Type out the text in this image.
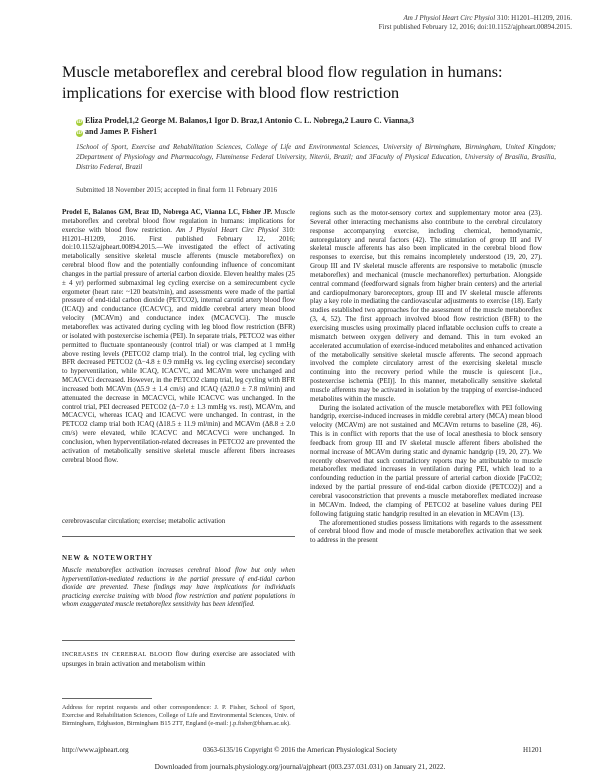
Am J Physiol Heart Circ Physiol 310: H1201–H1209, 2016.
First published February 12, 2016; doi:10.1152/ajpheart.00894.2015.
Muscle metaboreflex and cerebral blood flow regulation in humans: implications for exercise with blood flow restriction
iD Eliza Prodel,1,2 George M. Balanos,1 Igor D. Braz,1 Antonio C. L. Nobrega,2 Lauro C. Vianna,3
iD and James P. Fisher1
1School of Sport, Exercise and Rehabilitation Sciences, College of Life and Environmental Sciences, University of Birmingham, Birmingham, United Kingdom; 2Department of Physiology and Pharmacology, Fluminense Federal University, Niterói, Brazil; and 3Faculty of Physical Education, University of Brasília, Brasília, Distrito Federal, Brazil
Submitted 18 November 2015; accepted in final form 11 February 2016

Prodel E, Balanos GM, Braz ID, Nobrega AC, Vianna LC, Fisher JP. Muscle metaboreflex and cerebral blood flow regulation in humans: implications for exercise with blood flow restriction. Am J Physiol Heart Circ Physiol 310: H1201–H1209, 2016. First published February 12, 2016; doi:10.1152/ajpheart.00894.2015.—We investigated the effect of activating metabolically sensitive skeletal muscle afferents (muscle metaboreflex) on cerebral blood flow and the potentially confounding influence of concomitant changes in the partial pressure of arterial carbon dioxide. Eleven healthy males (25 ± 4 yr) performed submaximal leg cycling exercise on a semirecumbent cycle ergometer (heart rate: ~120 beats/min), and assessments were made of the partial pressure of end-tidal carbon dioxide (PETCO2), internal carotid artery blood flow (ICAQ) and conductance (ICACVC), and middle cerebral artery mean blood velocity (MCAVm) and conductance index (MCACVCi). The muscle metaboreflex was activated during cycling with leg blood flow restriction (BFR) or isolated with postexercise ischemia (PEI). In separate trials, PETCO2 was either permitted to fluctuate spontaneously (control trial) or was clamped at 1 mmHg above resting levels (PETCO2 clamp trial). In the control trial, leg cycling with BFR decreased PETCO2 (Δ−4.8 ± 0.9 mmHg vs. leg cycling exercise) secondary to hyperventilation, while ICAQ, ICACVC, and MCAVm were unchanged and MCACVCi decreased. However, in the PETCO2 clamp trial, leg cycling with BFR increased both MCAVm (Δ5.9 ± 1.4 cm/s) and ICAQ (Δ20.0 ± 7.8 ml/min) and attenuated the decrease in MCACVCi, while ICACVC was unchanged. In the control trial, PEI decreased PETCO2 (Δ−7.0 ± 1.3 mmHg vs. rest), MCAVm, and MCACVCi, whereas ICAQ and ICACVC were unchanged. In contrast, in the PETCO2 clamp trial both ICAQ (Δ18.5 ± 11.9 ml/min) and MCAVm (Δ8.8 ± 2.0 cm/s) were elevated, while ICACVC and MCACVCi were unchanged. In conclusion, when hyperventilation-related decreases in PETCO2 are prevented the activation of metabolically sensitive skeletal muscle afferent fibers increases cerebral blood flow.

cerebrovascular circulation; exercise; metabolic activation
NEW & NOTEWORTHY
Muscle metaboreflex activation increases cerebral blood flow but only when hyperventilation-mediated reductions in the partial pressure of end-tidal carbon dioxide are prevented. These findings may have implications for individuals practicing exercise training with blood flow restriction and patient populations in whom exaggerated muscle metaboreflex sensitivity has been identified.

INCREASES IN CEREBRAL BLOOD flow during exercise are associated with upsurges in brain activation and metabolism within

Address for reprint requests and other correspondence: J. P. Fisher, School of Sport, Exercise and Rehabilitation Sciences, College of Life and Environmental Sciences, Univ. of Birmingham, Edgbaston, Birmingham B15 2TT, England (e-mail: j.p.fisher@bham.ac.uk).

regions such as the motor-sensory cortex and supplementary motor area (23). Several other interacting mechanisms also contribute to the cerebral circulatory response accompanying exercise, including chemical, hemodynamic, autoregulatory and neural factors (42). The stimulation of group III and IV skeletal muscle afferents has also been implicated in the cerebral blood flow responses to exercise, but this remains incompletely understood (19, 20, 27). Group III and IV skeletal muscle afferents are responsive to metabolic (muscle metaboreflex) and mechanical (muscle mechanoreflex) perturbation. Alongside central command (feedforward signals from higher brain centers) and the arterial and cardiopulmonary baroreceptors, group III and IV skeletal muscle afferents play a key role in mediating the cardiovascular adjustments to exercise (18). Early studies established two approaches for the assessment of the muscle metaboreflex (3, 4, 52). The first approach involved blood flow restriction (BFR) to the exercising muscles using proximally placed inflatable occlusion cuffs to create a mismatch between oxygen delivery and demand. This in turn evoked an accelerated accumulation of exercise-induced metabolites and enhanced activation of the metabolically sensitive skeletal muscle afferents. The second approach involved the complete circulatory arrest of the exercising skeletal muscle continuing into the recovery period while the muscle is quiescent [i.e., postexercise ischemia (PEI)]. In this manner, metabolically sensitive skeletal muscle afferents may be activated in isolation by the trapping of exercise-induced metabolites within the muscle.

During the isolated activation of the muscle metaboreflex with PEI following handgrip, exercise-induced increases in middle cerebral artery (MCA) mean blood velocity (MCAVm) are not sustained and MCAVm returns to baseline (28, 46). This is in conflict with reports that the use of local anesthesia to block sensory feedback from group III and IV skeletal muscle afferent fibers abolished the normal increase of MCAVm during static and dynamic handgrip (19, 20, 27). We recently observed that such contradictory reports may be attributable to muscle metaboreflex mediated increases in ventilation during PEI, which lead to a confounding reduction in the partial pressure of arterial carbon dioxide [PaCO2; indexed by the partial pressure of end-tidal carbon dioxide (PETCO2)] and a cerebral vasoconstriction that prevents a muscle metaboreflex mediated increase in MCAVm. Indeed, the clamping of PETCO2 at baseline values during PEI following fatiguing static handgrip resulted in an elevation in MCAVm (13).

The aforementioned studies possess limitations with regards to the assessment of cerebral blood flow and mode of muscle metaboreflex activation that we seek to address in the present

http://www.ajpheart.org	0363-6135/16 Copyright © 2016 the American Physiological Society	H1201
Downloaded from journals.physiology.org/journal/ajpheart (003.237.031.031) on January 21, 2022.
